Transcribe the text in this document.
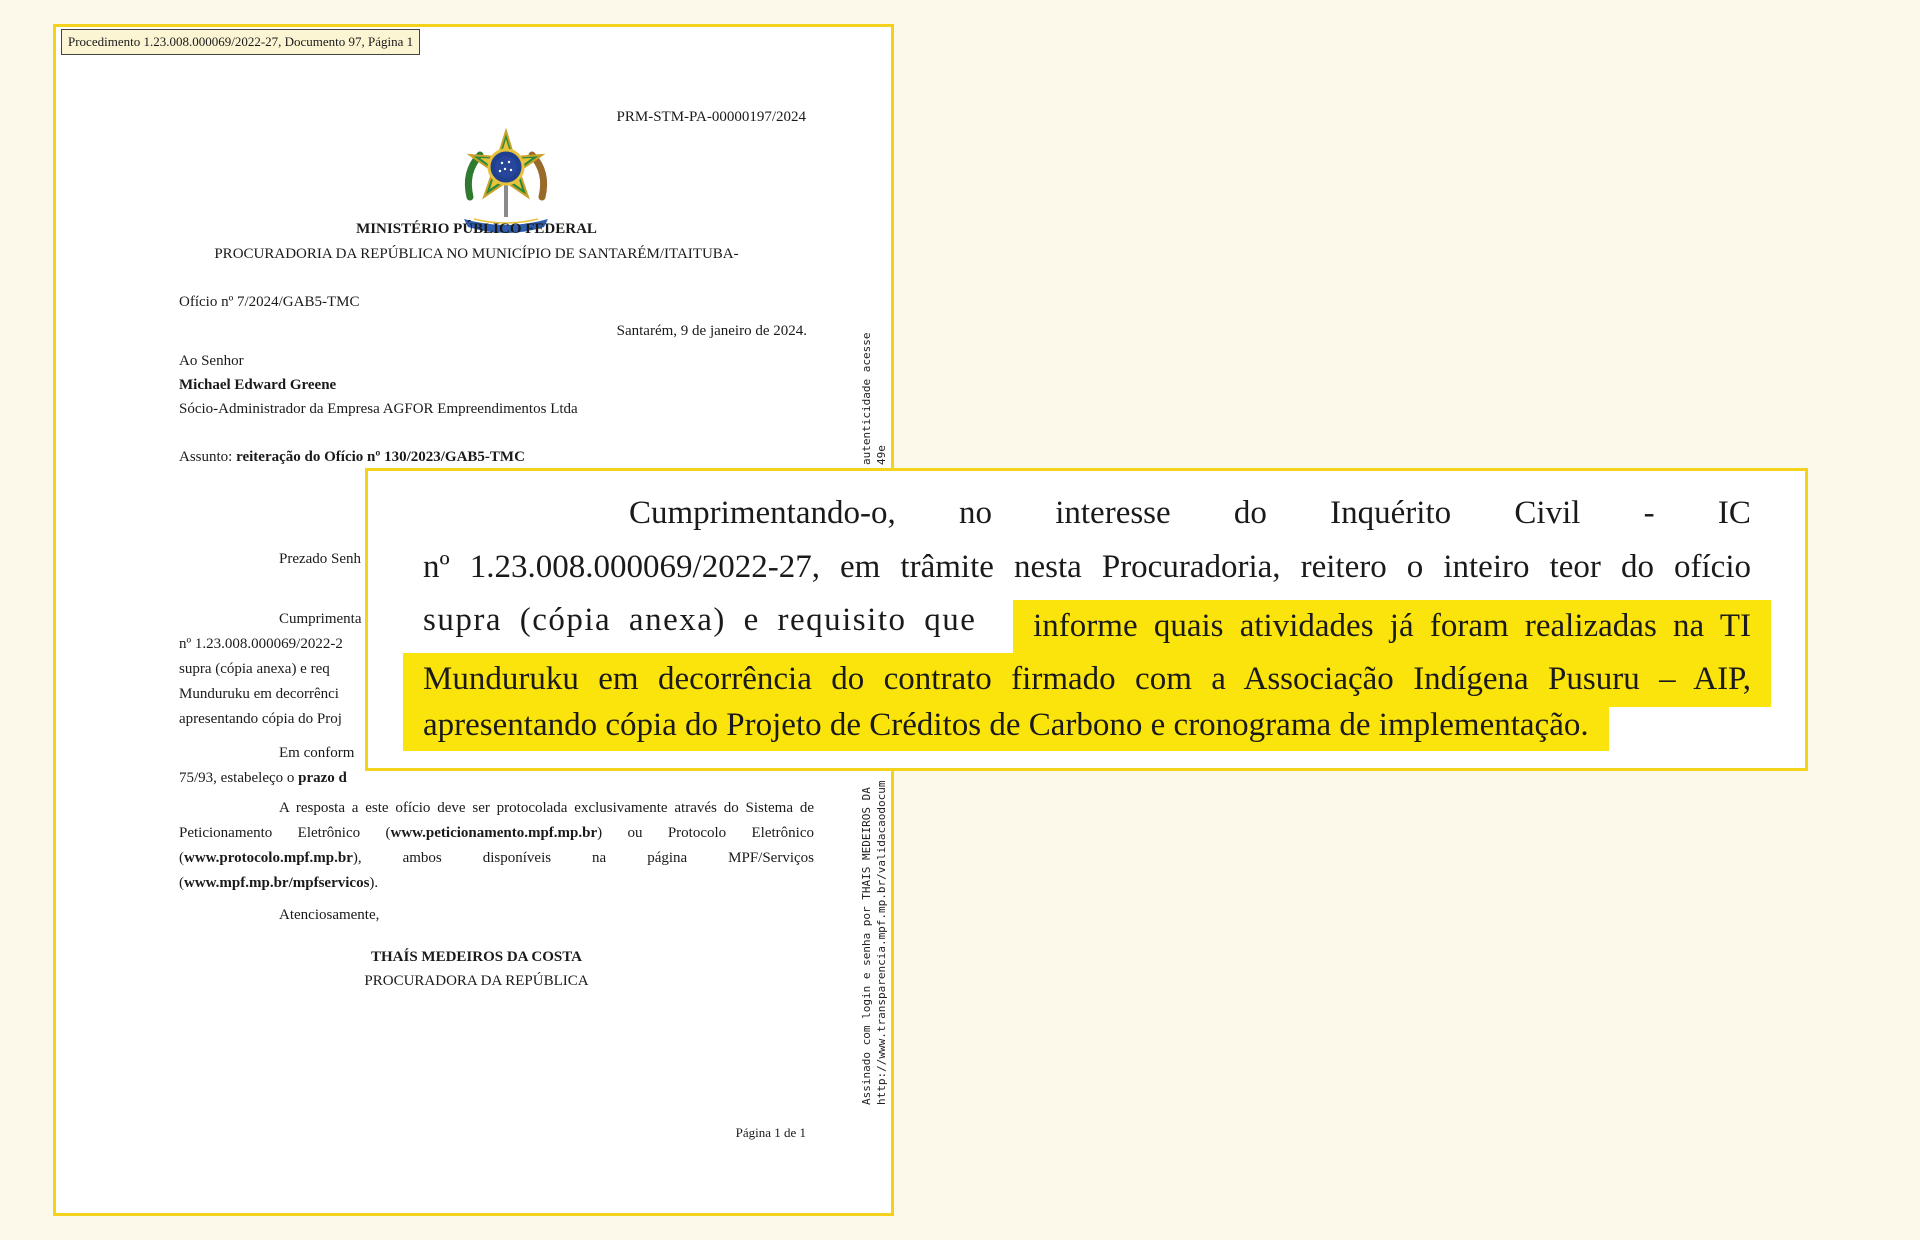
Procedimento 1.23.008.000069/2022-27, Documento 97, Página 1
PRM-STM-PA-00000197/2024
MINISTÉRIO PÚBLICO FEDERAL
PROCURADORIA DA REPÚBLICA NO MUNICÍPIO DE SANTARÉM/ITAITUBA-
Ofício nº 7/2024/GAB5-TMC
Santarém, 9 de janeiro de 2024.
Ao Senhor
Michael Edward Greene
Sócio-Administrador da Empresa AGFOR Empreendimentos Ltda
Assunto: reiteração do Ofício nº 130/2023/GAB5-TMC
Prezado Senh
Cumprimenta
nº 1.23.008.000069/2022-2
supra (cópia anexa) e req
Munduruku em decorrênci
apresentando cópia do Proj
Em conform
75/93, estabeleço o prazo d
A resposta a este ofício deve ser protocolada exclusivamente através do Sistema de Peticionamento Eletrônico (www.peticionamento.mpf.mp.br) ou Protocolo Eletrônico (www.protocolo.mpf.mp.br), ambos disponíveis na página MPF/Serviços (www.mpf.mp.br/mpfservicos).
Atenciosamente,
THAÍS MEDEIROS DA COSTA
PROCURADORA DA REPÚBLICA
Página 1 de 1
Assinado com login e senha por THAIS MEDEIROS DA http://www.transparencia.mpf.mp.br/validacaodocum
autenticidade acesse 49e
Cumprimentando-o, no interesse do Inquérito Civil - IC
nº 1.23.008.000069/2022-27, em trâmite nesta Procuradoria, reitero o inteiro teor do ofício
supra (cópia anexa) e requisito que	informe quais atividades já foram realizadas na TI
Munduruku em decorrência do contrato firmado com a Associação Indígena Pusuru – AIP,
apresentando cópia do Projeto de Créditos de Carbono e cronograma de implementação.
